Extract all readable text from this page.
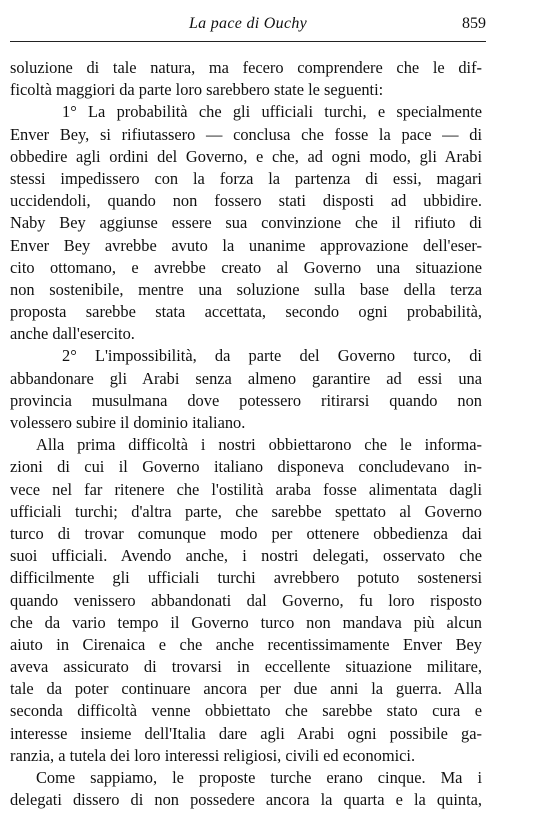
La pace di Ouchy	859
soluzione di tale natura, ma fecero comprendere che le dif-
ficoltà maggiori da parte loro sarebbero state le seguenti:
1° La probabilità che gli ufficiali turchi, e specialmente
Enver Bey, si rifiutassero — conclusa che fosse la pace — di
obbedire agli ordini del Governo, e che, ad ogni modo, gli Arabi
stessi impedissero con la forza la partenza di essi, magari
uccidendoli, quando non fossero stati disposti ad ubbidire.
Naby Bey aggiunse essere sua convinzione che il rifiuto di
Enver Bey avrebbe avuto la unanime approvazione dell'eser-
cito ottomano, e avrebbe creato al Governo una situazione
non sostenibile, mentre una soluzione sulla base della terza
proposta sarebbe stata accettata, secondo ogni probabilità,
anche dall'esercito.
2° L'impossibilità, da parte del Governo turco, di
abbandonare gli Arabi senza almeno garantire ad essi una
provincia musulmana dove potessero ritirarsi quando non
volessero subire il dominio italiano.
Alla prima difficoltà i nostri obbiettarono che le informa-
zioni di cui il Governo italiano disponeva concludevano in-
vece nel far ritenere che l'ostilità araba fosse alimentata dagli
ufficiali turchi; d'altra parte, che sarebbe spettato al Governo
turco di trovar comunque modo per ottenere obbedienza dai
suoi ufficiali. Avendo anche, i nostri delegati, osservato che
difficilmente gli ufficiali turchi avrebbero potuto sostenersi
quando venissero abbandonati dal Governo, fu loro risposto
che da vario tempo il Governo turco non mandava più alcun
aiuto in Cirenaica e che anche recentissimamente Enver Bey
aveva assicurato di trovarsi in eccellente situazione militare,
tale da poter continuare ancora per due anni la guerra. Alla
seconda difficoltà venne obbiettato che sarebbe stato cura e
interesse insieme dell'Italia dare agli Arabi ogni possibile ga-
ranzia, a tutela dei loro interessi religiosi, civili ed economici.
Come sappiamo, le proposte turche erano cinque. Ma i
delegati dissero di non possedere ancora la quarta e la quinta,
